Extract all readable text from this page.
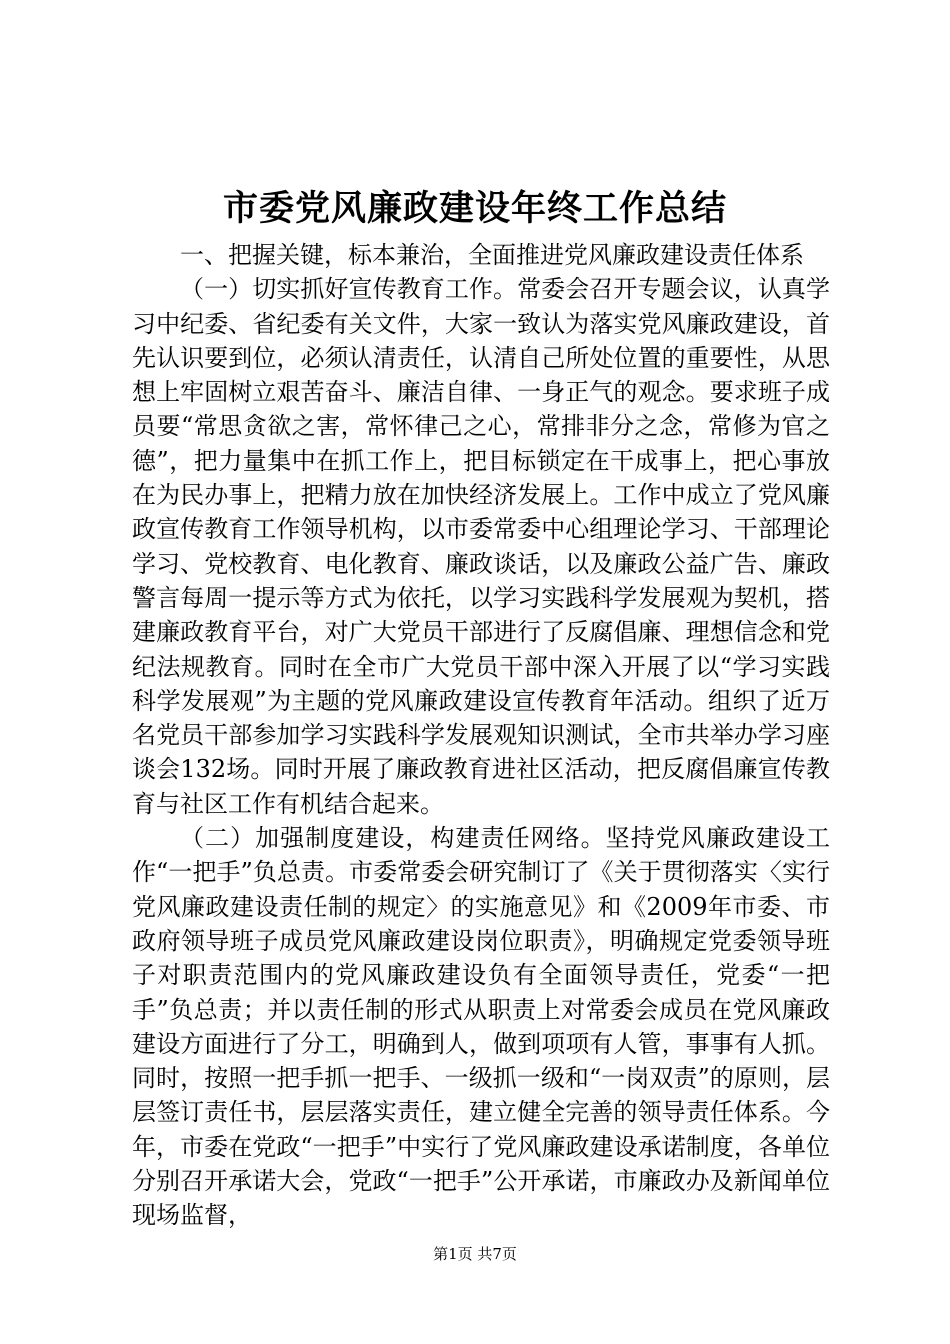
市委党风廉政建设年终工作总结

一、把握关键，标本兼治，全面推进党风廉政建设责任体系

（一）切实抓好宣传教育工作。常委会召开专题会议，认真学习中纪委、省纪委有关文件，大家一致认为落实党风廉政建设，首先认识要到位，必须认清责任，认清自己所处位置的重要性，从思想上牢固树立艰苦奋斗、廉洁自律、一身正气的观念。要求班子成员要“常思贪欲之害，常怀律己之心，常排非分之念，常修为官之德”，把力量集中在抓工作上，把目标锁定在干成事上，把心事放在为民办事上，把精力放在加快经济发展上。工作中成立了党风廉政宣传教育工作领导机构，以市委常委中心组理论学习、干部理论学习、党校教育、电化教育、廉政谈话，以及廉政公益广告、廉政警言每周一提示等方式为依托，以学习实践科学发展观为契机，搭建廉政教育平台，对广大党员干部进行了反腐倡廉、理想信念和党纪法规教育。同时在全市广大党员干部中深入开展了以“学习实践科学发展观”为主题的党风廉政建设宣传教育年活动。组织了近万名党员干部参加学习实践科学发展观知识测试，全市共举办学习座谈会132场。同时开展了廉政教育进社区活动，把反腐倡廉宣传教育与社区工作有机结合起来。

（二）加强制度建设，构建责任网络。坚持党风廉政建设工作“一把手”负总责。市委常委会研究制订了《关于贯彻落实〈实行党风廉政建设责任制的规定〉的实施意见》和《2009年市委、市政府领导班子成员党风廉政建设岗位职责》，明确规定党委领导班子对职责范围内的党风廉政建设负有全面领导责任，党委“一把手”负总责；并以责任制的形式从职责上对常委会成员在党风廉政建设方面进行了分工，明确到人，做到项项有人管，事事有人抓。同时，按照一把手抓一把手、一级抓一级和“一岗双责”的原则，层层签订责任书，层层落实责任，建立健全完善的领导责任体系。今年，市委在党政“一把手”中实行了党风廉政建设承诺制度，各单位分别召开承诺大会，党政“一把手”公开承诺，市廉政办及新闻单位现场监督，

第1页 共7页
